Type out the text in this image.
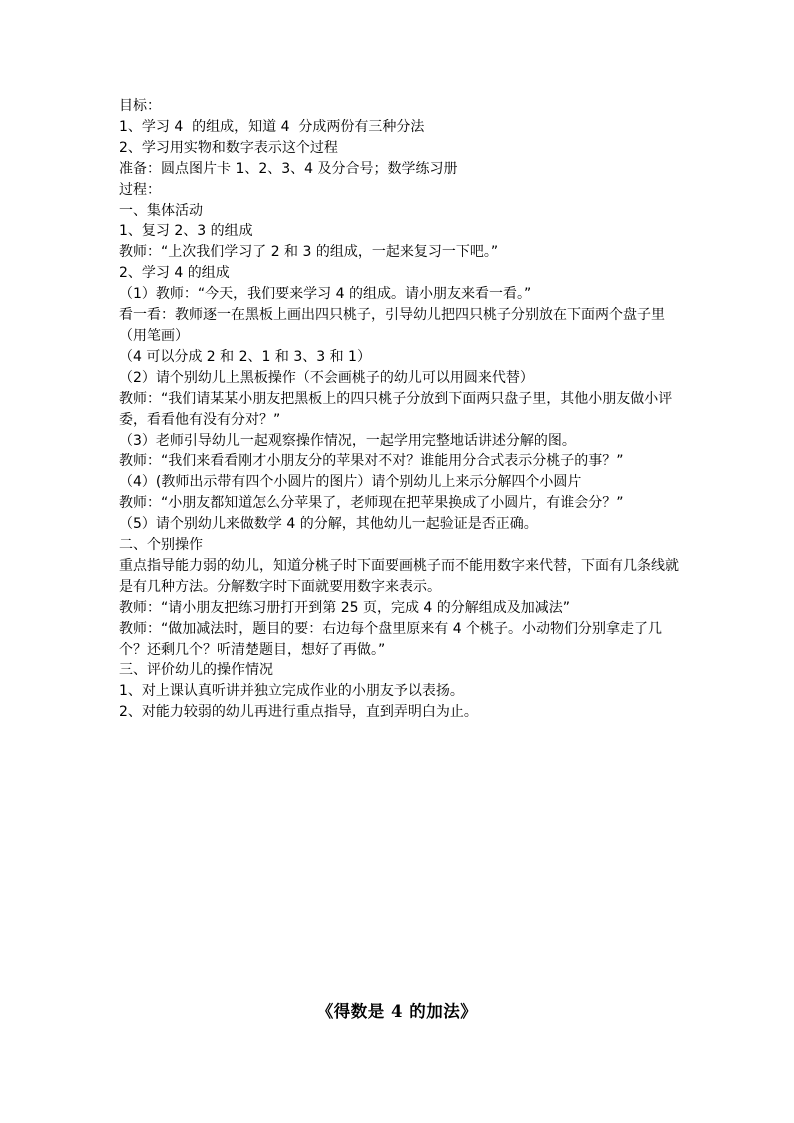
目标：

1、学习 4  的组成，知道 4  分成两份有三种分法

2、学习用实物和数字表示这个过程

准备：圆点图片卡 1、2、3、4 及分合号；数学练习册

过程：

一、集体活动

1、复习 2、3 的组成

教师：“上次我们学习了 2 和 3 的组成，一起来复习一下吧。”

2、学习 4 的组成

（1）教师：“今天，我们要来学习 4 的组成。请小朋友来看一看。”

看一看：教师逐一在黑板上画出四只桃子，引导幼儿把四只桃子分别放在下面两个盘子里（用笔画）

（4 可以分成 2 和 2、1 和 3、3 和 1）

（2）请个别幼儿上黑板操作（不会画桃子的幼儿可以用圆来代替）

教师：“我们请某某小朋友把黑板上的四只桃子分放到下面两只盘子里，其他小朋友做小评委，看看他有没有分对？”

（3）老师引导幼儿一起观察操作情况，一起学用完整地话讲述分解的图。

教师：“我们来看看刚才小朋友分的苹果对不对？谁能用分合式表示分桃子的事？”

（4）(教师出示带有四个小圆片的图片）请个别幼儿上来示分解四个小圆片

教师：“小朋友都知道怎么分苹果了，老师现在把苹果换成了小圆片，有谁会分？”

（5）请个别幼儿来做数学 4 的分解，其他幼儿一起验证是否正确。

二、个别操作

重点指导能力弱的幼儿，知道分桃子时下面要画桃子而不能用数字来代替，下面有几条线就是有几种方法。分解数字时下面就要用数字来表示。

教师：“请小朋友把练习册打开到第 25 页，完成 4 的分解组成及加减法”

教师：“做加减法时，题目的要：右边每个盘里原来有 4 个桃子。小动物们分别拿走了几个？还剩几个？听清楚题目，想好了再做。”

三、评价幼儿的操作情况

1、对上课认真听讲并独立完成作业的小朋友予以表扬。

2、对能力较弱的幼儿再进行重点指导，直到弄明白为止。

《得数是 4 的加法》
